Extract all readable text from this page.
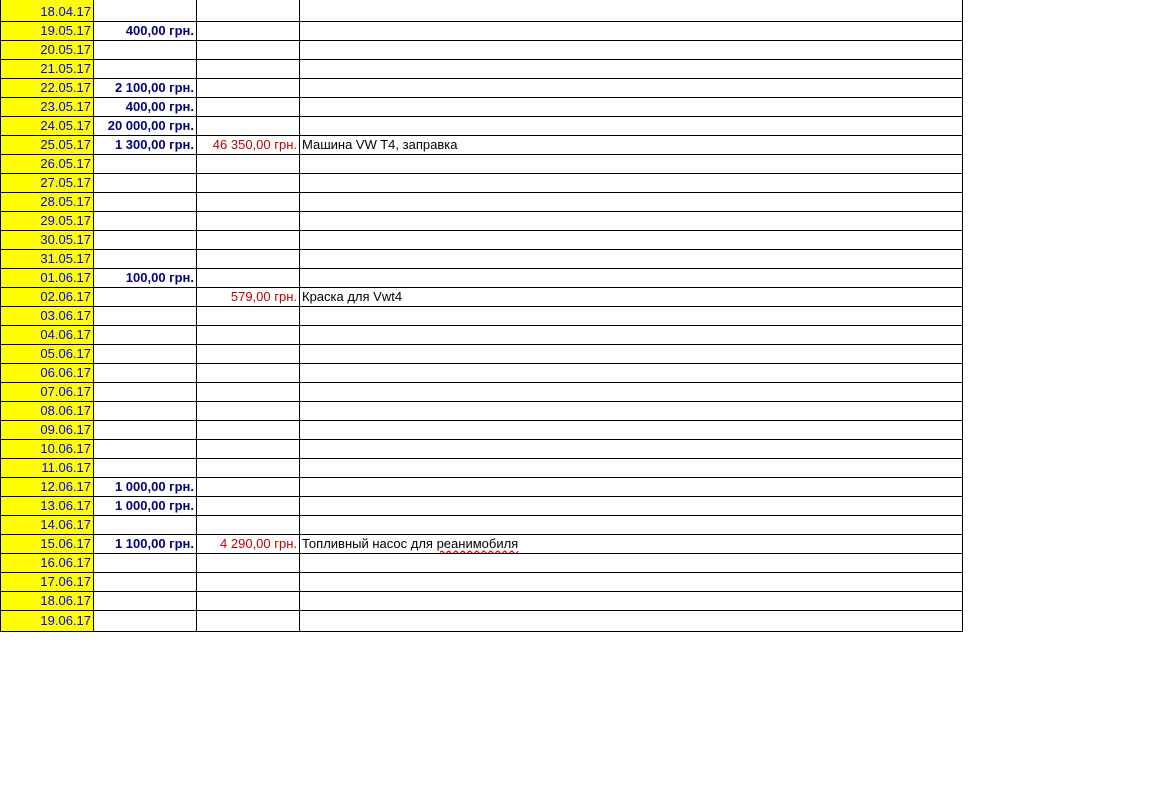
18.04.17			
19.05.17	400,00 грн.		
20.05.17			
21.05.17			
22.05.17	2 100,00 грн.		
23.05.17	400,00 грн.		
24.05.17	20 000,00 грн.		
25.05.17	1 300,00 грн.	46 350,00 грн.	Машина VW T4, заправка
26.05.17			
27.05.17			
28.05.17			
29.05.17			
30.05.17			
31.05.17			
01.06.17	100,00 грн.		
02.06.17		579,00 грн.	Краска для Vwt4
03.06.17			
04.06.17			
05.06.17			
06.06.17			
07.06.17			
08.06.17			
09.06.17			
10.06.17			
11.06.17			
12.06.17	1 000,00 грн.		
13.06.17	1 000,00 грн.		
14.06.17			
15.06.17	1 100,00 грн.	4 290,00 грн.	Топливный насос для реанимобиля
16.06.17			
17.06.17			
18.06.17			
19.06.17			
